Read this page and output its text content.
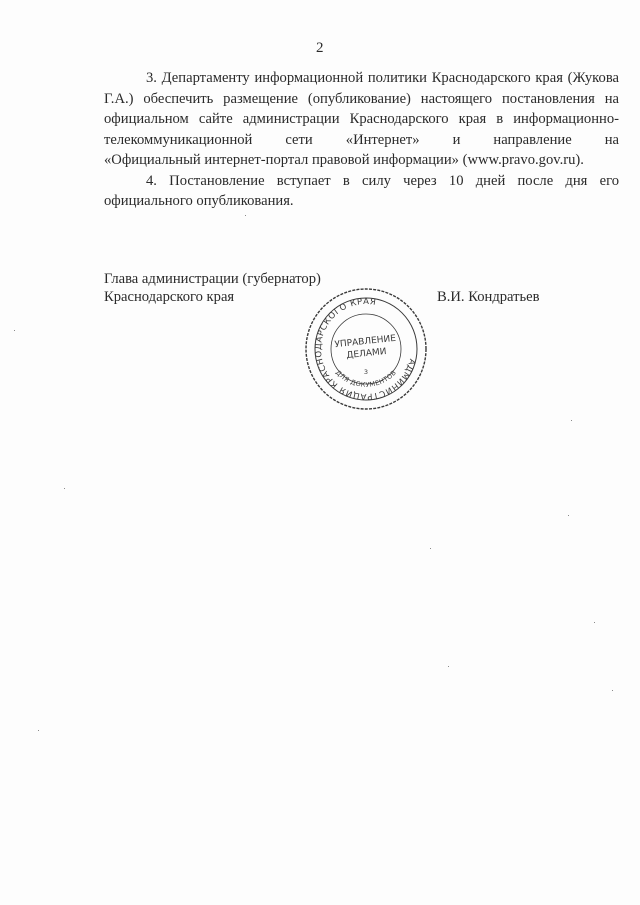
2

3. Департаменту информационной политики Краснодарского края (Жукова Г.А.) обеспечить размещение (опубликование) настоящего постановления на официальном сайте администрации Краснодарского края в информационно-телекоммуникационной сети «Интернет» и направление на

«Официальный интернет-портал правовой информации» (www.pravo.gov.ru).

4. Постановление вступает в силу через 10 дней после дня его

официального опубликования.

Глава администрации (губернатор)
Краснодарского края	В.И. Кондратьев
АДМИНИСТРАЦИЯ КРАСНОДАРСКОГО КРАЯ
УПРАВЛЕНИЕ
ДЕЛАМИ
3
ДЛЯ ДОКУМЕНТОВ
